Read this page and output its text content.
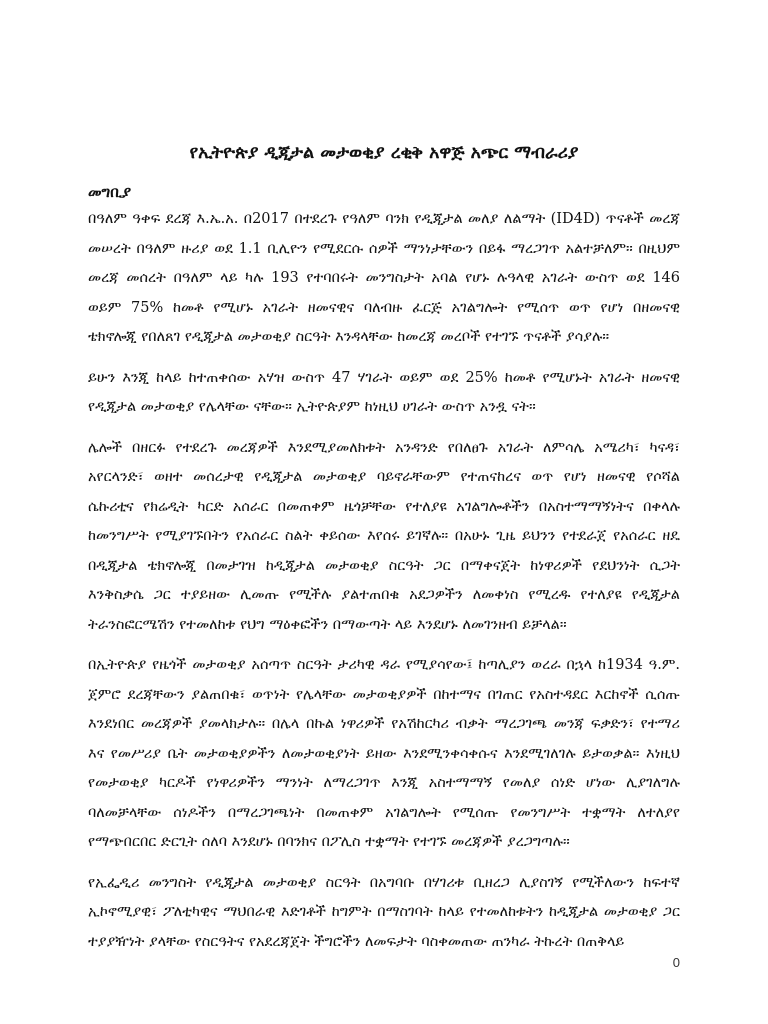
የኢትዮጵያ ዲጂታል መታወቂያ ረቂቅ አዋጅ አጭር ማብራሪያ
መግቢያ

በዓለም ዓቀፍ ደረጃ እ.ኤ.አ. በ2017 በተደረጉ የዓለም ባንክ የዲጂታል መለያ ለልማት (ID4D) ጥናቶች መረጃ
መሠረት በዓለም ዙሪያ ወደ 1.1 ቢሊዮን የሚደርሱ ሰዎች ማንነታቸውን በይፋ ማረጋገጥ አልተቻለም። በዚህም
መረጃ መሰረት በዓለም ላይ ካሉ 193 የተባበሩት መንግስታት አባል የሆኑ ሉዓላዊ አገራት ውስጥ ወደ 146
ወይም 75% ከመቶ የሚሆኑ አገራት ዘመናዊና ባለብዙ ፈርጅ አገልግሎት የሚሰጥ ወጥ የሆነ በዘመናዊ
ቴክኖሎጂ የበለጸገ የዲጂታል መታወቂያ ስርዓት እንዳላቸው ከመረጃ መረቦች የተገኙ ጥናቶች ያሳያሉ።

ይሁን እንጂ ከላይ ከተጠቀሰው አሃዝ ውስጥ 47 ሃገራት ወይም ወደ 25% ከመቶ የሚሆኑት አገራት ዘመናዊ
የዲጂታል መታወቂያ የሌላቸው ናቸው። ኢትዮጵያም ከነዚህ ሀገራት ውስጥ አንዷ ናት።

ሌሎች በዘርፉ የተደረጉ መረጃዎች እንደሚያመለክቱት አንዳንድ የበለፀጉ አገራት ለምሳሌ አሜሪካ፣ ካናዳ፣
አየርላንድ፣ ወዘተ መሰረታዊ የዲጂታል መታወቂያ ባይኖራቸውም የተጠናከረና ወጥ የሆነ ዘመናዊ የሶሻል
ሴኩሪቲና የክሬዲት ካርድ አሰራር በመጠቀም ዜጎቻቸው የተለያዩ አገልግሎቶችን በአስተማማኝነትና በቀላሉ
ከመንግሥት የሚያገኙበትን የአሰራር ስልት ቀይሰው እየሰሩ ይገኛሉ። በአሁኑ ጊዜ ይህንን የተደራጀ የአሰራር ዘዴ
በዲጂታል ቴክኖሎጂ በመታገዝ ከዲጂታል መታወቂያ ስርዓት ጋር በማቀናጀት ከነዋሪዎች የደህንነት ሲጋት
እንቅስቃሴ ጋር ተያይዘው ሊመጡ የሚችሉ ያልተጠበቁ አደጋዎችን ለመቀነስ የሚረዱ የተለያዩ የዲጂታል
ትራንስፎርሜሽን የተመለከቱ የህግ ማዕቀፎችን በማውጣት ላይ እንደሆኑ ለመገንዘብ ይቻላል።

በኢትዮጵያ የዜጎች መታወቂያ አሰጣጥ ስርዓት ታሪካዊ ዳራ የሚያሳየው፤ ከጣሊያን ወረራ በኋላ ከ1934 ዓ.ም.
ጀምሮ ደረጃቸውን ያልጠበቁ፣ ወጥነት የሌላቸው መታወቂያዎች በከተማና በገጠር የአስተዳደር እርከኖች ሲሰጡ
እንደነበር መረጃዎች ያመላክታሉ። በሌላ በኩል ነዋሪዎች የአሽከርካሪ ብቃት ማረጋገጫ መንጃ ፍቃድን፣ የተማሪ
እና የመሥሪያ ቤት መታወቂያዎችን ለመታወቂያነት ይዘው እንደሚንቀሳቀሱና እንደሚገለገሉ ይታወቃል። እነዚህ
የመታወቂያ ካርዶች የነዋሪዎችን ማንነት ለማረጋገጥ እንጂ አስተማማኝ የመለያ ሰነድ ሆነው ሊያገለግሉ
ባለመቻላቸው ሰነዶችን በማረጋገጫነት በመጠቀም አገልግሎት የሚሰጡ የመንግሥት ተቋማት ለተለያየ
የማጭበርበር ድርጊት ሰለባ እንደሆኑ በባንክና በፖሊስ ተቋማት የተገኙ መረጃዎች ያረጋግጣሉ።

የኢፌዲሪ መንግስት የዲጂታል መታወቂያ ስርዓት በአግባቡ በሃገሪቱ ቢዘረጋ ሊያስገኝ የሚችለውን ከፍተኛ
ኢኮኖሚያዊ፣ ፖለቲካዊና ማህበራዊ እድገቶች ከግምት በማስገባት ከላይ የተመለከቱትን ከዲጂታል መታወቂያ ጋር
ተያያዥነት ያላቸው የስርዓትና የአደረጃጀት ችግሮችን ለመፍታት ባስቀመጠው ጠንካራ ትኩረት በጠቅላይ

0
